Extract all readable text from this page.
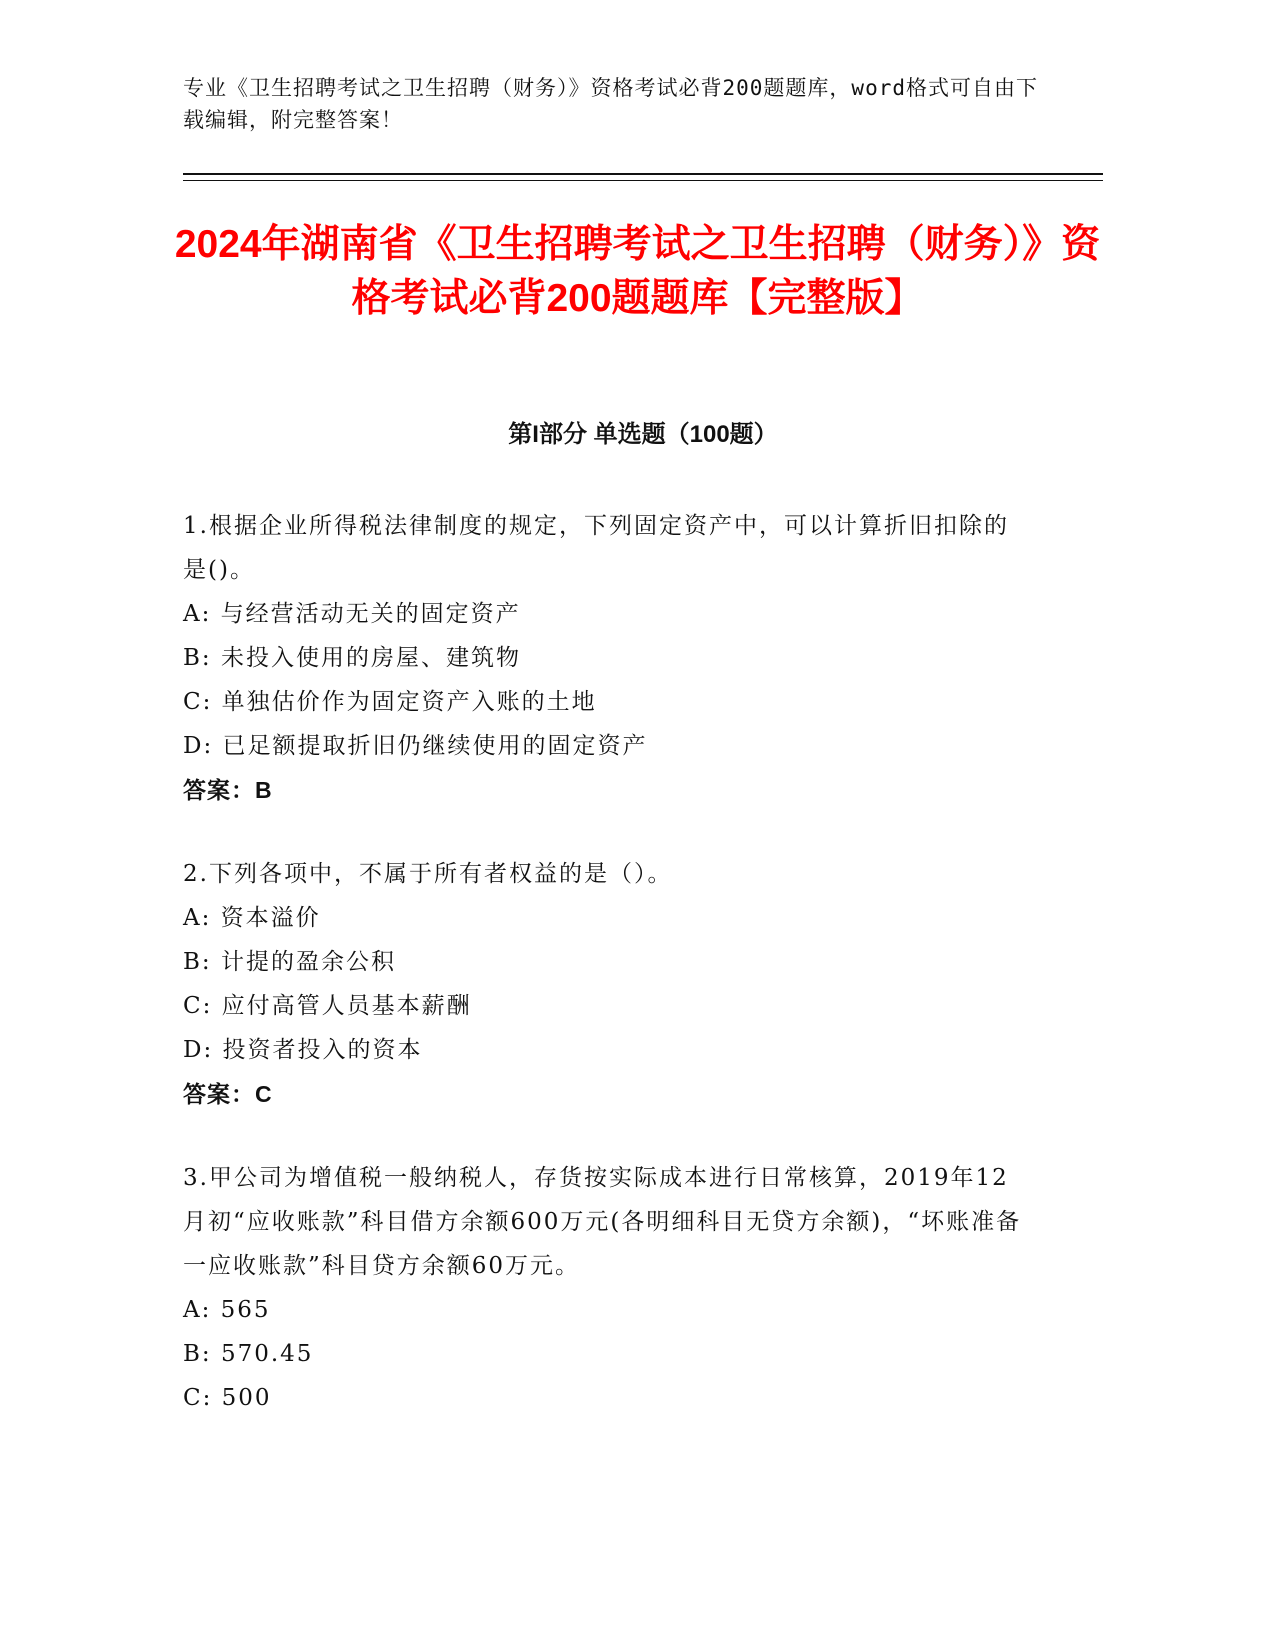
专业《卫生招聘考试之卫生招聘（财务）》资格考试必背200题题库，word格式可自由下载编辑，附完整答案！
2024年湖南省《卫生招聘考试之卫生招聘（财务）》资格考试必背200题题库【完整版】
第I部分 单选题（100题）

1.根据企业所得税法律制度的规定，下列固定资产中，可以计算折旧扣除的是()。

A: 与经营活动无关的固定资产

B: 未投入使用的房屋、建筑物

C: 单独估价作为固定资产入账的土地

D: 已足额提取折旧仍继续使用的固定资产

答案：B

2.下列各项中，不属于所有者权益的是（）。

A: 资本溢价

B: 计提的盈余公积

C: 应付高管人员基本薪酬

D: 投资者投入的资本

答案：C

3.甲公司为增值税一般纳税人，存货按实际成本进行日常核算，2019年12月初“应收账款”科目借方余额600万元(各明细科目无贷方余额)，“坏账准备一应收账款”科目贷方余额60万元。

A: 565

B: 570.45

C: 500
